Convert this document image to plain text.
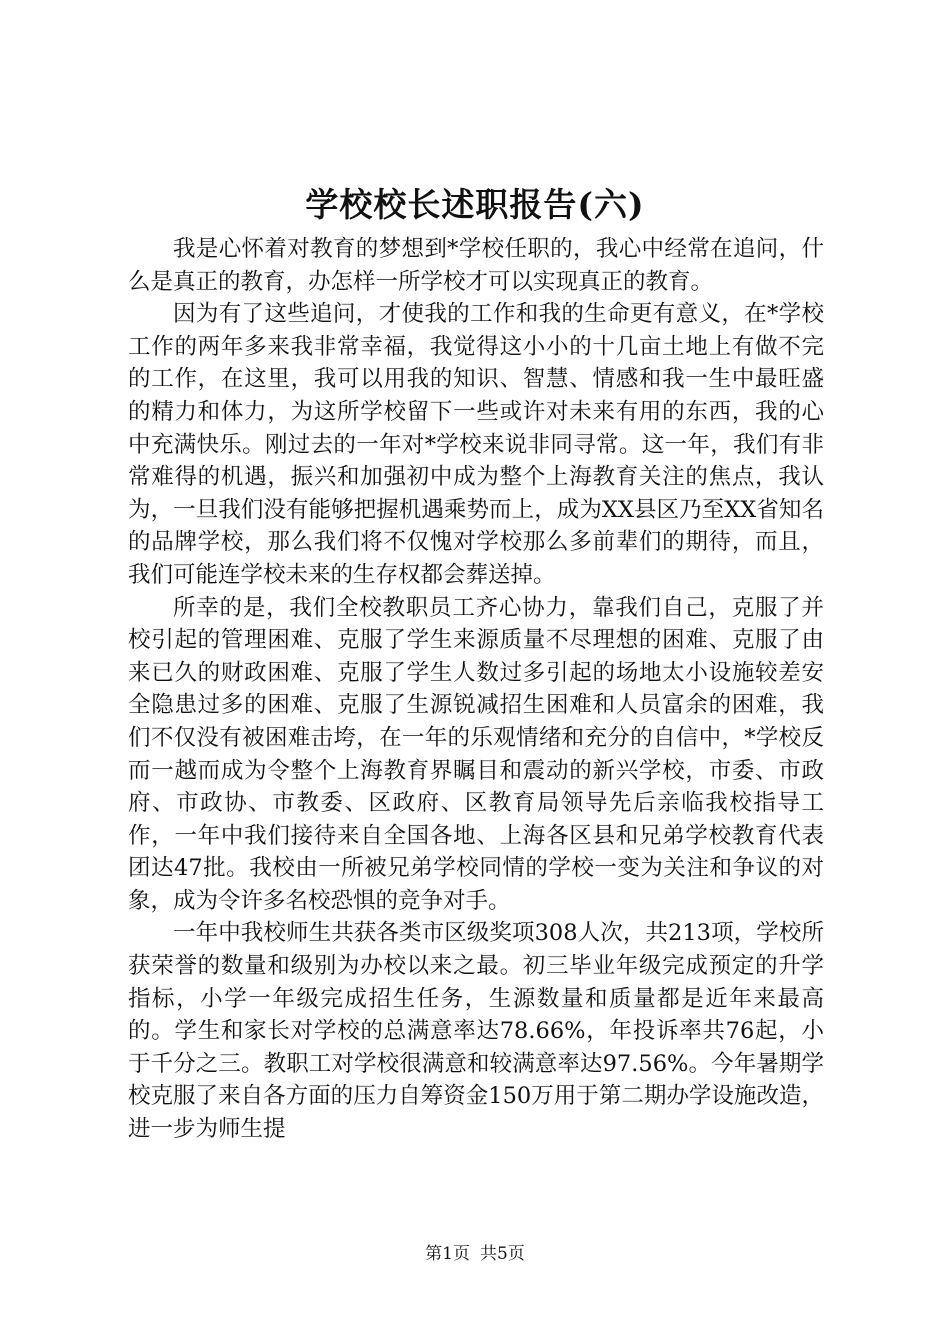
学校校长述职报告(六)

我是心怀着对教育的梦想到*学校任职的，我心中经常在追问，什么是真正的教育，办怎样一所学校才可以实现真正的教育。

因为有了这些追问，才使我的工作和我的生命更有意义，在*学校工作的两年多来我非常幸福，我觉得这小小的十几亩土地上有做不完的工作，在这里，我可以用我的知识、智慧、情感和我一生中最旺盛的精力和体力，为这所学校留下一些或许对未来有用的东西，我的心中充满快乐。刚过去的一年对*学校来说非同寻常。这一年，我们有非常难得的机遇，振兴和加强初中成为整个上海教育关注的焦点，我认为，一旦我们没有能够把握机遇乘势而上，成为XX县区乃至XX省知名的品牌学校，那么我们将不仅愧对学校那么多前辈们的期待，而且，我们可能连学校未来的生存权都会葬送掉。

所幸的是，我们全校教职员工齐心协力，靠我们自己，克服了并校引起的管理困难、克服了学生来源质量不尽理想的困难、克服了由来已久的财政困难、克服了学生人数过多引起的场地太小设施较差安全隐患过多的困难、克服了生源锐减招生困难和人员富余的困难，我们不仅没有被困难击垮，在一年的乐观情绪和充分的自信中，*学校反而一越而成为令整个上海教育界瞩目和震动的新兴学校，市委、市政府、市政协、市教委、区政府、区教育局领导先后亲临我校指导工作，一年中我们接待来自全国各地、上海各区县和兄弟学校教育代表团达47批。我校由一所被兄弟学校同情的学校一变为关注和争议的对象，成为令许多名校恐惧的竞争对手。

一年中我校师生共获各类市区级奖项308人次，共213项，学校所获荣誉的数量和级别为办校以来之最。初三毕业年级完成预定的升学指标，小学一年级完成招生任务，生源数量和质量都是近年来最高的。学生和家长对学校的总满意率达78.66%，年投诉率共76起，小于千分之三。教职工对学校很满意和较满意率达97.56%。今年暑期学校克服了来自各方面的压力自筹资金150万用于第二期办学设施改造，进一步为师生提

第1页 共5页
